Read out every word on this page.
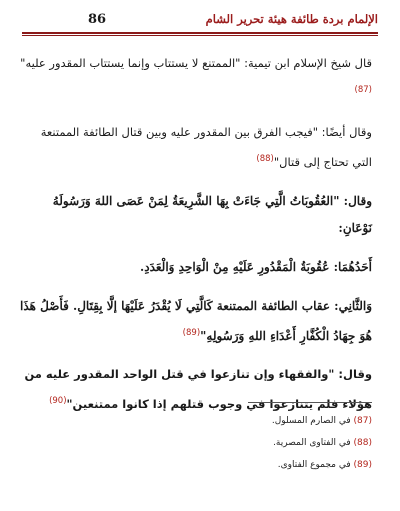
86	الإلمام بردة طائفة هيئة تحرير الشام

قال شيخ الإسلام ابن تيمية: "الممتنع لا يستتاب وإنما يستتاب المقدور عليه"$^{(87)}$

وقال أيضًا: "فيجب الفرق بين المقدور عليه وبين قتال الطائفة الممتنعة التي تحتاج إلى قتال"$^{(88)}$

وقال: "العُقُوبَاتُ الَّتِي جَاءَتْ بِهَا الشَّرِيعَةُ لِمَنْ عَصَى اللهَ وَرَسُولَهُ نَوْعَانِ:

أَحَدُهُمَا: عُقُوبَةُ الْمَقْدُورِ عَلَيْهِ مِنْ الْوَاحِدِ وَالْعَدَدِ.

وَالثَّانِي: عقاب الطائفة الممتنعة كَالَّتِي لَا يُقْدَرُ عَلَيْهَا إلَّا بِقِتَالِ. فَأَصْلُ هَذَا هُوَ جِهَادُ الْكُفَّارِ أَعْدَاءِ اللهِ وَرَسُولِهِ"$^{(89)}$

وقال: "والفقهاء وإن تنازعوا في قتل الواحد المقدور عليه من هؤلاء فلم يتنازعوا في وجوب قتلهم إذا كانوا ممتنعين"$^{(90)}$

(87) في الصارم المسلول.
(88) في الفتاوى المصرية.
(89) في مجموع الفتاوى.
